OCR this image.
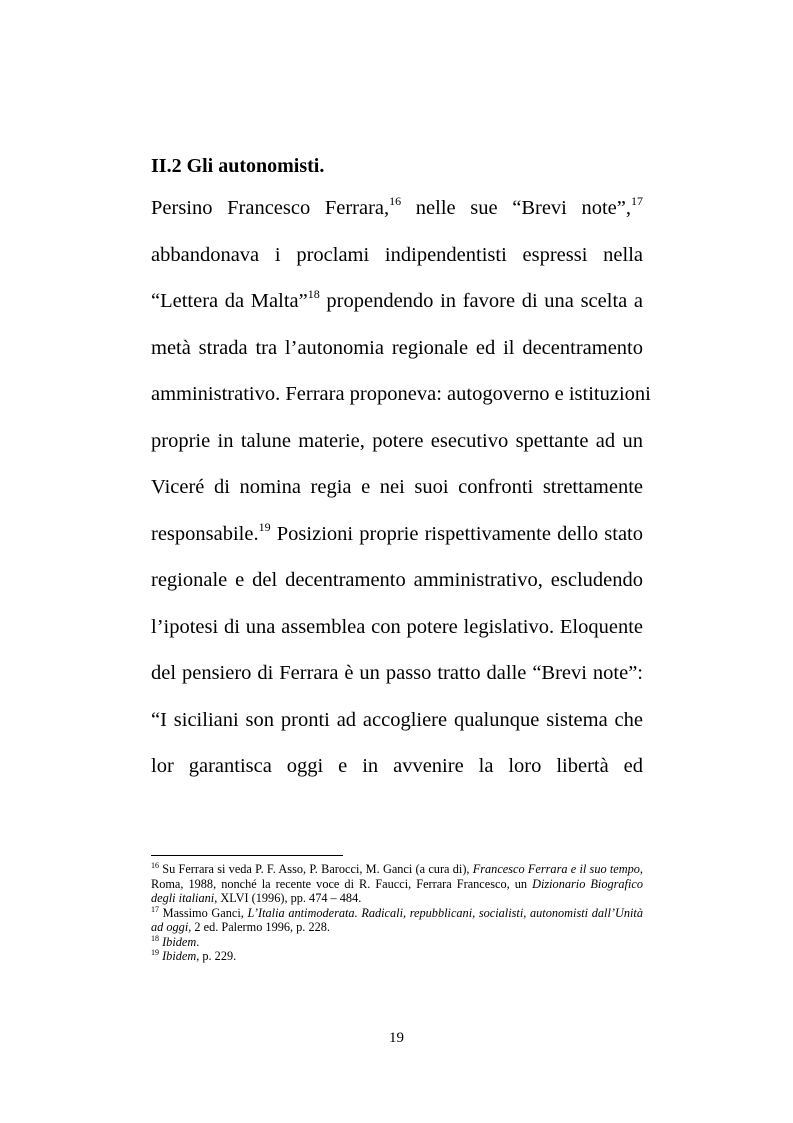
II.2 Gli autonomisti.
Persino Francesco Ferrara,$^{16}$ nelle sue “Brevi note”,$^{17}$
abbandonava i proclami indipendentisti espressi nella
“Lettera da Malta”$^{18}$ propendendo in favore di una scelta a
metà strada tra l’autonomia regionale ed il decentramento
amministrativo. Ferrara proponeva: autogoverno e istituzioni
proprie in talune materie, potere esecutivo spettante ad un
Viceré di nomina regia e nei suoi confronti strettamente
responsabile.$^{19}$ Posizioni proprie rispettivamente dello stato
regionale e del decentramento amministrativo, escludendo
l’ipotesi di una assemblea con potere legislativo. Eloquente
del pensiero di Ferrara è un passo tratto dalle “Brevi note”:
“I siciliani son pronti ad accogliere qualunque sistema che
lor garantisca oggi e in avvenire la loro libertà ed

$^{16}$ Su Ferrara si veda P. F. Asso, P. Barocci, M. Ganci (a cura di), Francesco Ferrara e il suo tempo, Roma, 1988, nonché la recente voce di R. Faucci, Ferrara Francesco, un Dizionario Biografico degli italiani, XLVI (1996), pp. 474 – 484.

$^{17}$ Massimo Ganci, L’Italia antimoderata. Radicali, repubblicani, socialisti, autonomisti dall’Unità ad oggi, 2 ed. Palermo 1996, p. 228.

$^{18}$ Ibidem.

$^{19}$ Ibidem, p. 229.

19
